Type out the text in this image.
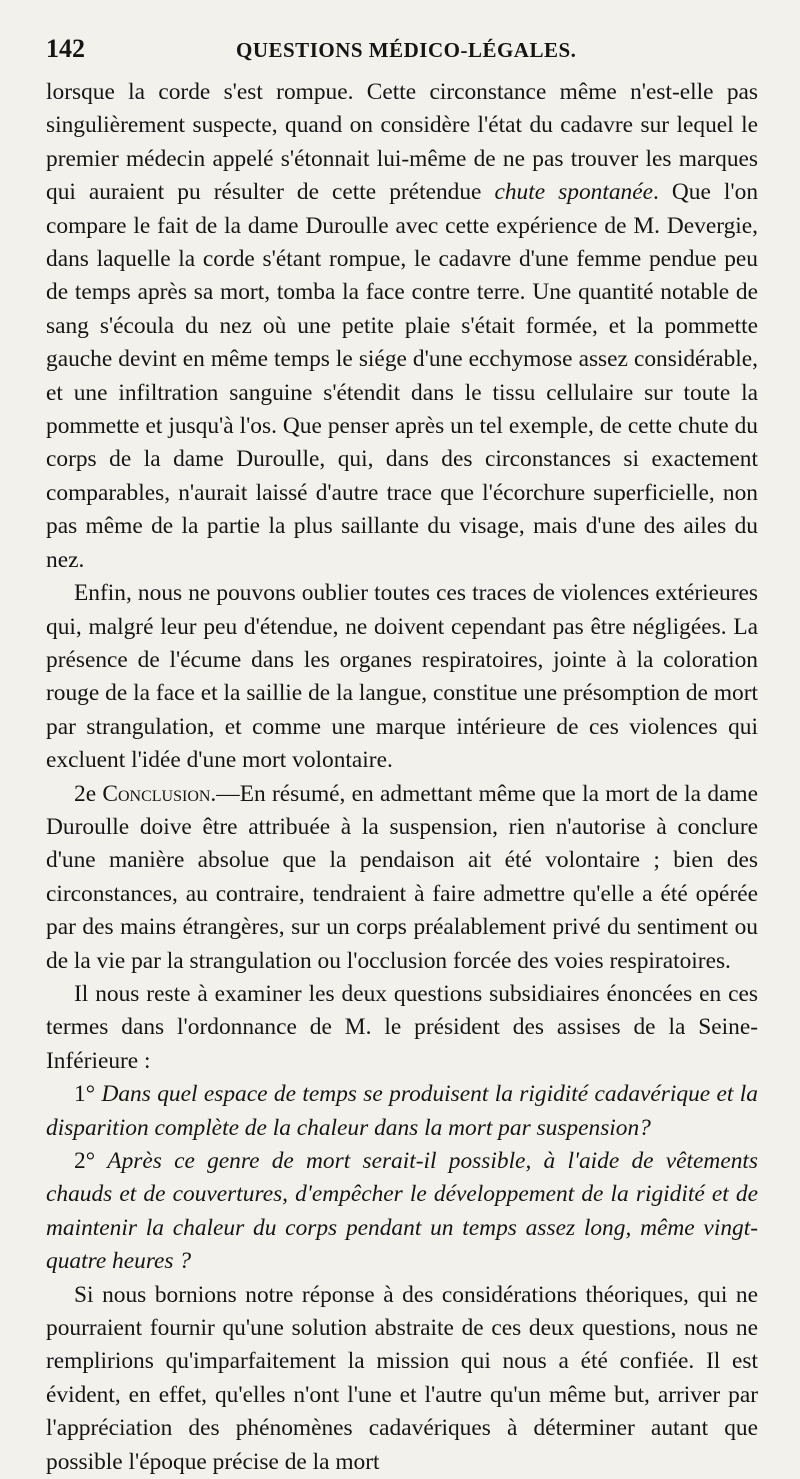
142	QUESTIONS MÉDICO-LÉGALES.

lorsque la corde s'est rompue. Cette circonstance même n'est-elle pas singulièrement suspecte, quand on considère l'état du cadavre sur lequel le premier médecin appelé s'étonnait lui-même de ne pas trouver les marques qui auraient pu résulter de cette prétendue chute spontanée. Que l'on compare le fait de la dame Duroulle avec cette expérience de M. Devergie, dans laquelle la corde s'étant rompue, le cadavre d'une femme pendue peu de temps après sa mort, tomba la face contre terre. Une quantité notable de sang s'écoula du nez où une petite plaie s'était formée, et la pommette gauche devint en même temps le siége d'une ecchymose assez considérable, et une infiltration sanguine s'étendit dans le tissu cellulaire sur toute la pommette et jusqu'à l'os. Que penser après un tel exemple, de cette chute du corps de la dame Duroulle, qui, dans des circonstances si exactement comparables, n'aurait laissé d'autre trace que l'écorchure superficielle, non pas même de la partie la plus saillante du visage, mais d'une des ailes du nez.

Enfin, nous ne pouvons oublier toutes ces traces de violences extérieures qui, malgré leur peu d'étendue, ne doivent cependant pas être négligées. La présence de l'écume dans les organes respiratoires, jointe à la coloration rouge de la face et la saillie de la langue, constitue une présomption de mort par strangulation, et comme une marque intérieure de ces violences qui excluent l'idée d'une mort volontaire.

2e Conclusion.—En résumé, en admettant même que la mort de la dame Duroulle doive être attribuée à la suspension, rien n'autorise à conclure d'une manière absolue que la pendaison ait été volontaire ; bien des circonstances, au contraire, tendraient à faire admettre qu'elle a été opérée par des mains étrangères, sur un corps préalablement privé du sentiment ou de la vie par la strangulation ou l'occlusion forcée des voies respiratoires.

Il nous reste à examiner les deux questions subsidiaires énoncées en ces termes dans l'ordonnance de M. le président des assises de la Seine-Inférieure :

1° Dans quel espace de temps se produisent la rigidité cadavérique et la disparition complète de la chaleur dans la mort par suspension?

2° Après ce genre de mort serait-il possible, à l'aide de vêtements chauds et de couvertures, d'empêcher le développement de la rigidité et de maintenir la chaleur du corps pendant un temps assez long, même vingt-quatre heures ?

Si nous bornions notre réponse à des considérations théoriques, qui ne pourraient fournir qu'une solution abstraite de ces deux questions, nous ne remplirions qu'imparfaitement la mission qui nous a été confiée. Il est évident, en effet, qu'elles n'ont l'une et l'autre qu'un même but, arriver par l'appréciation des phénomènes cadavériques à déterminer autant que possible l'époque précise de la mort
